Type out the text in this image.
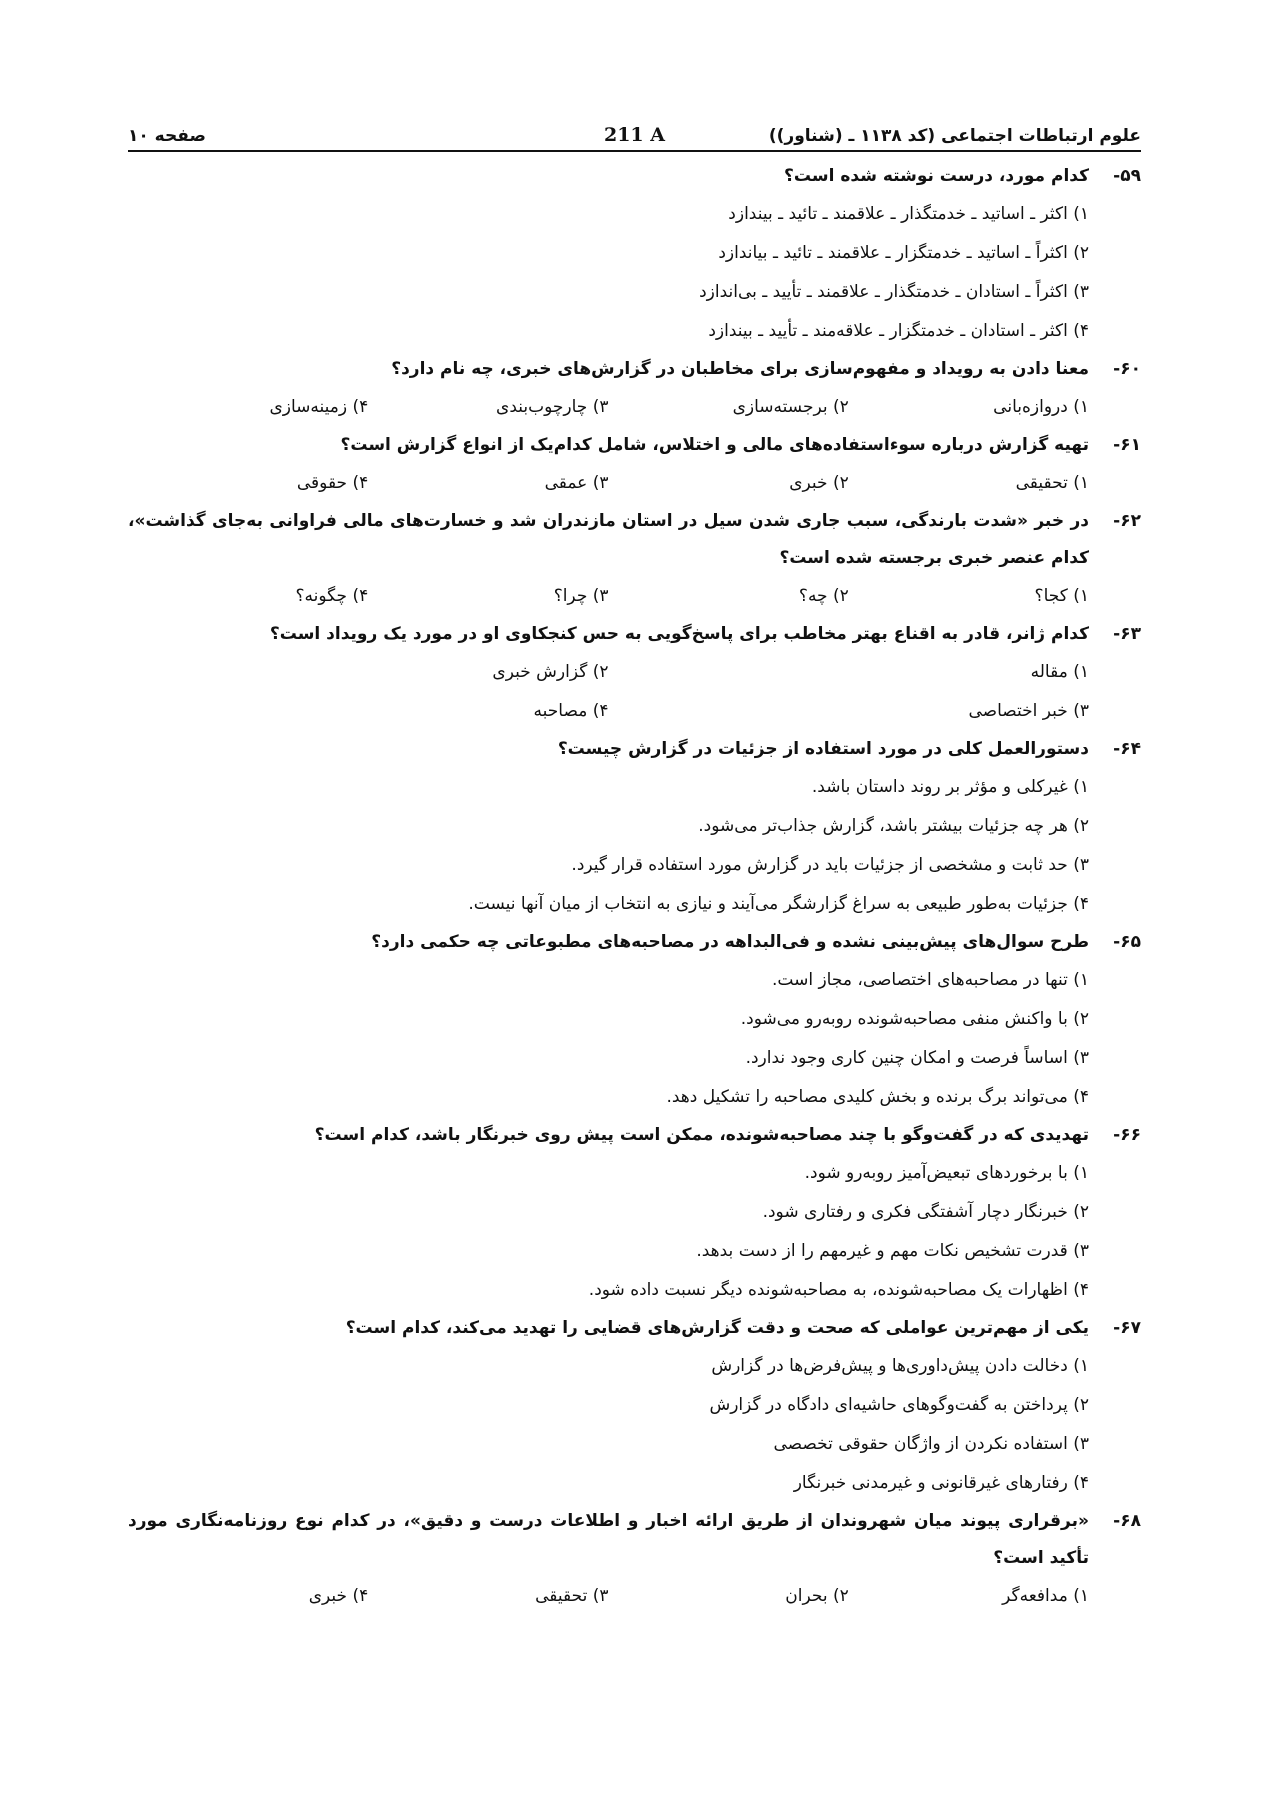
علوم ارتباطات اجتماعی (کد ۱۱۳۸ ـ (شناور))
211 A
صفحه ۱۰
۵۹-
کدام مورد، درست نوشته شده است؟
۱) اکثر ـ اساتید ـ خدمتگذار ـ علاقمند ـ تائید ـ بیندازد
۲) اکثراً ـ اساتید ـ خدمتگزار ـ علاقمند ـ تائید ـ بیاندازد
۳) اکثراً ـ استادان ـ خدمتگذار ـ علاقمند ـ تأیید ـ بی‌اندازد
۴) اکثر ـ استادان ـ خدمتگزار ـ علاقه‌مند ـ تأیید ـ بیندازد
۶۰-
معنا دادن به رویداد و مفهوم‌سازی برای مخاطبان در گزارش‌های خبری، چه نام دارد؟
۱) دروازه‌بانی
۲) برجسته‌سازی
۳) چارچوب‌بندی
۴) زمینه‌سازی
۶۱-
تهیه گزارش درباره سوءاستفاده‌های مالی و اختلاس، شامل کدام‌یک از انواع گزارش است؟
۱) تحقیقی
۲) خبری
۳) عمقی
۴) حقوقی
۶۲-
در خبر «شدت بارندگی، سبب جاری شدن سیل در استان مازندران شد و خسارت‌های مالی فراوانی به‌جای گذاشت»، کدام عنصر خبری برجسته شده است؟
۱) کجا؟
۲) چه؟
۳) چرا؟
۴) چگونه؟
۶۳-
کدام ژانر، قادر به اقناع بهتر مخاطب برای پاسخ‌گویی به حس کنجکاوی او در مورد یک رویداد است؟
۱) مقاله
۲) گزارش خبری
۳) خبر اختصاصی
۴) مصاحبه
۶۴-
دستورالعمل کلی در مورد استفاده از جزئیات در گزارش چیست؟
۱) غیرکلی و مؤثر بر روند داستان باشد.
۲) هر چه جزئیات بیشتر باشد، گزارش جذاب‌تر می‌شود.
۳) حد ثابت و مشخصی از جزئیات باید در گزارش مورد استفاده قرار گیرد.
۴) جزئیات به‌طور طبیعی به سراغ گزارشگر می‌آیند و نیازی به انتخاب از میان آنها نیست.
۶۵-
طرح سوال‌های پیش‌بینی نشده و فی‌البداهه در مصاحبه‌های مطبوعاتی چه حکمی دارد؟
۱) تنها در مصاحبه‌های اختصاصی، مجاز است.
۲) با واکنش منفی مصاحبه‌شونده روبه‌رو می‌شود.
۳) اساساً فرصت و امکان چنین کاری وجود ندارد.
۴) می‌تواند برگ برنده و بخش کلیدی مصاحبه را تشکیل دهد.
۶۶-
تهدیدی که در گفت‌وگو با چند مصاحبه‌شونده، ممکن است پیش روی خبرنگار باشد، کدام است؟
۱) با برخوردهای تبعیض‌آمیز روبه‌رو شود.
۲) خبرنگار دچار آشفتگی فکری و رفتاری شود.
۳) قدرت تشخیص نکات مهم و غیرمهم را از دست بدهد.
۴) اظهارات یک مصاحبه‌شونده، به مصاحبه‌شونده دیگر نسبت داده شود.
۶۷-
یکی از مهم‌ترین عواملی که صحت و دقت گزارش‌های قضایی را تهدید می‌کند، کدام است؟
۱) دخالت دادن پیش‌داوری‌ها و پیش‌فرض‌ها در گزارش
۲) پرداختن به گفت‌وگوهای حاشیه‌ای دادگاه در گزارش
۳) استفاده نکردن از واژگان حقوقی تخصصی
۴) رفتارهای غیرقانونی و غیرمدنی خبرنگار
۶۸-
«برقراری پیوند میان شهروندان از طریق ارائه اخبار و اطلاعات درست و دقیق»، در کدام نوع روزنامه‌نگاری مورد تأکید است؟
۱) مدافعه‌گر
۲) بحران
۳) تحقیقی
۴) خبری
